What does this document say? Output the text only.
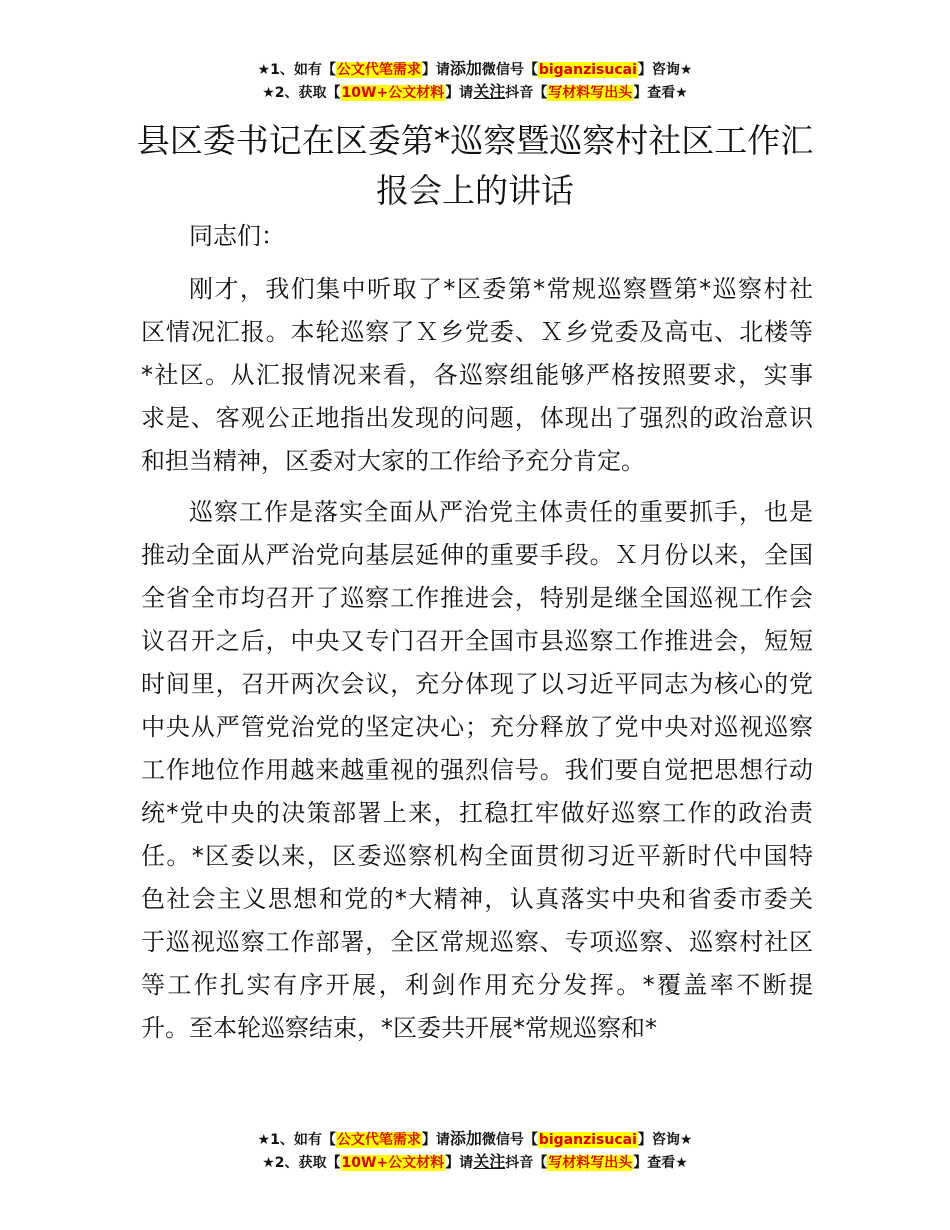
★1、如有【公文代笔需求】请添加微信号【biganzisucai】咨询★
★2、获取【10W+公文材料】请关注抖音【写材料写出头】查看★
县区委书记在区委第*巡察暨巡察村社区工作汇
报会上的讲话

同志们：

刚才，我们集中听取了*区委第*常规巡察暨第*巡察村社
区情况汇报。本轮巡察了Ｘ乡党委、Ｘ乡党委及高屯、北楼等
*社区。从汇报情况来看，各巡察组能够严格按照要求，实事
求是、客观公正地指出发现的问题，体现出了强烈的政治意识
和担当精神，区委对大家的工作给予充分肯定。
巡察工作是落实全面从严治党主体责任的重要抓手，也是
推动全面从严治党向基层延伸的重要手段。Ｘ月份以来，全国
全省全市均召开了巡察工作推进会，特别是继全国巡视工作会
议召开之后，中央又专门召开全国市县巡察工作推进会，短短
时间里，召开两次会议，充分体现了以习近平同志为核心的党
中央从严管党治党的坚定决心；充分释放了党中央对巡视巡察
工作地位作用越来越重视的强烈信号。我们要自觉把思想行动
统*党中央的决策部署上来，扛稳扛牢做好巡察工作的政治责
任。*区委以来，区委巡察机构全面贯彻习近平新时代中国特
色社会主义思想和党的*大精神，认真落实中央和省委市委关
于巡视巡察工作部署，全区常规巡察、专项巡察、巡察村社区
等工作扎实有序开展，利剑作用充分发挥。*覆盖率不断提
升。至本轮巡察结束，*区委共开展*常规巡察和*
★1、如有【公文代笔需求】请添加微信号【biganzisucai】咨询★
★2、获取【10W+公文材料】请关注抖音【写材料写出头】查看★
